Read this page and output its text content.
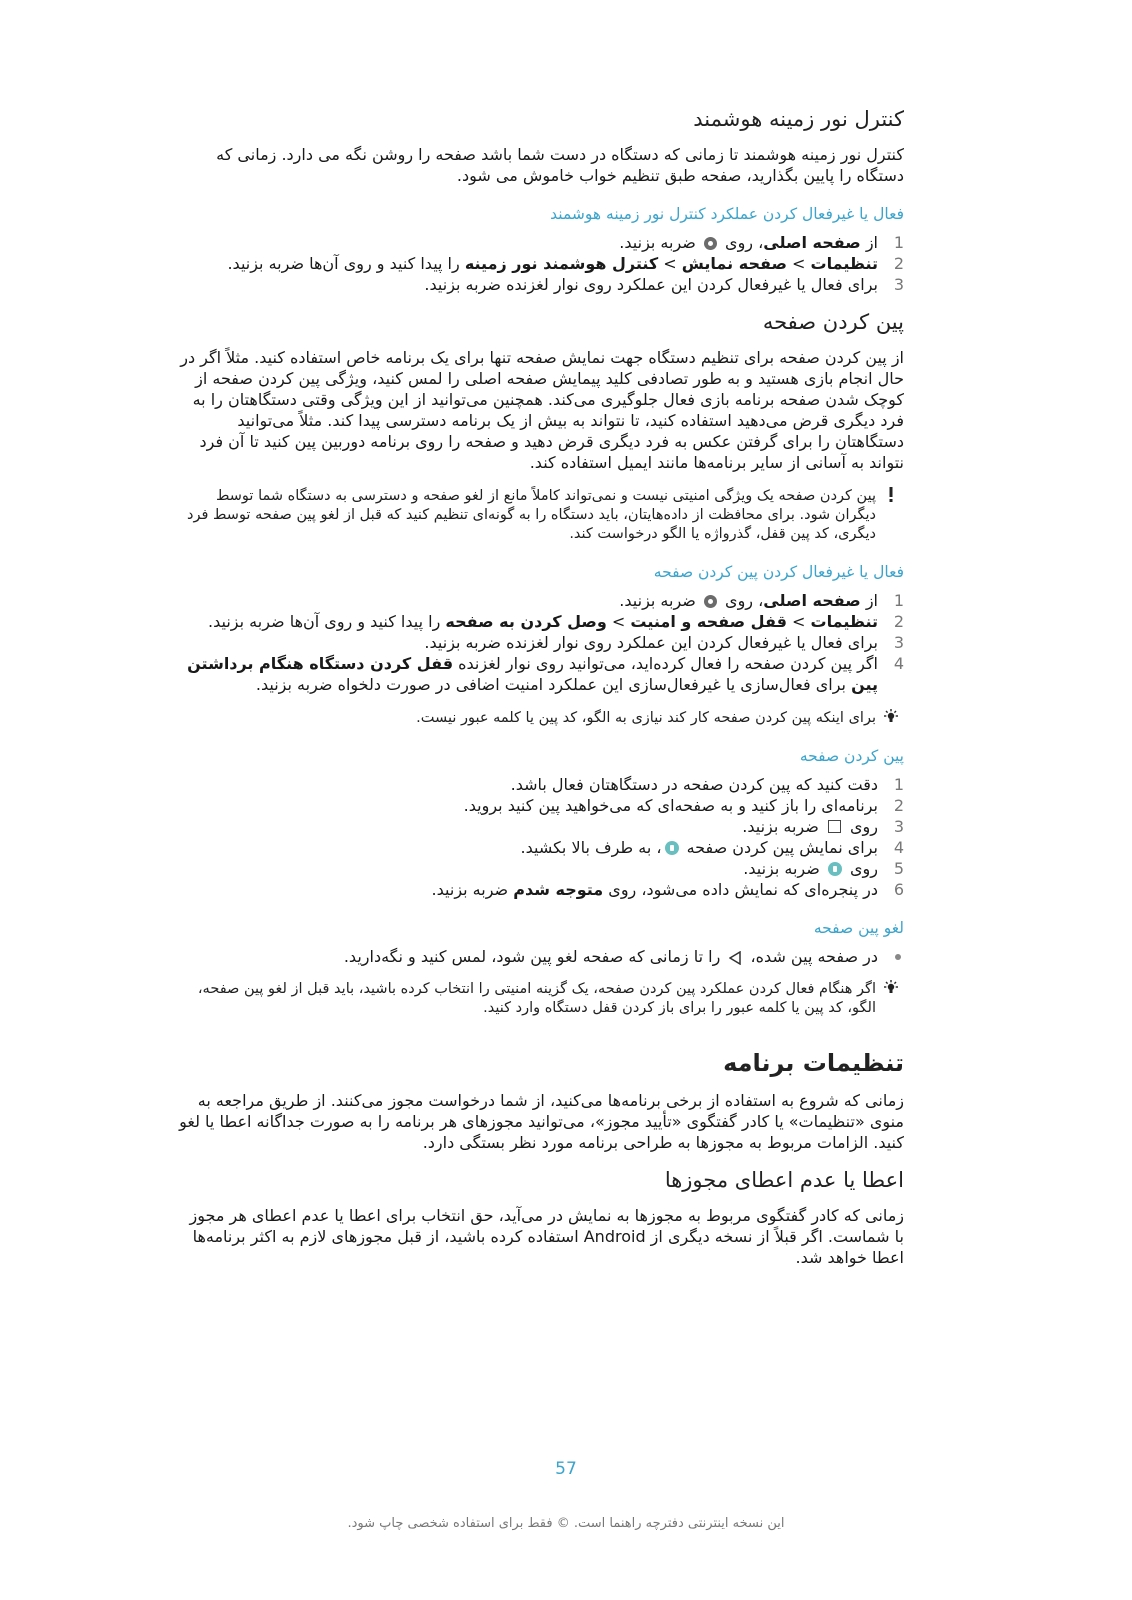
کنترل نور زمینه هوشمند
کنترل نور زمینه هوشمند تا زمانی که دستگاه در دست شما باشد صفحه را روشن نگه می دارد. زمانی که دستگاه را پایین بگذارید، صفحه طبق تنظیم خواب خاموش می شود.
فعال یا غیرفعال کردن عملکرد کنترل نور زمینه هوشمند
1
از صفحه اصلی، روی  ضربه بزنید.
2
تنظیمات > صفحه نمایش > کنترل هوشمند نور زمینه را پیدا کنید و روی آن‌ها ضربه بزنید.
3
برای فعال یا غیرفعال کردن این عملکرد روی نوار لغزنده ضربه بزنید.
پین کردن صفحه
از پین کردن صفحه برای تنظیم دستگاه جهت نمایش صفحه تنها برای یک برنامه خاص استفاده کنید. مثلاً اگر در حال انجام بازی هستید و به طور تصادفی کلید پیمایش صفحه اصلی را لمس کنید، ویژگی پین کردن صفحه از کوچک شدن صفحه برنامه بازی فعال جلوگیری می‌کند. همچنین می‌توانید از این ویژگی وقتی دستگاهتان را به فرد دیگری قرض می‌دهید استفاده کنید، تا نتواند به بیش از یک برنامه دسترسی پیدا کند. مثلاً می‌توانید دستگاهتان را برای گرفتن عکس به فرد دیگری قرض دهید و صفحه را روی برنامه دوربین پین کنید تا آن فرد نتواند به آسانی از سایر برنامه‌ها مانند ایمیل استفاده کند.
پین کردن صفحه یک ویژگی امنیتی نیست و نمی‌تواند کاملاً مانع از لغو صفحه و دسترسی به دستگاه شما توسط دیگران شود. برای محافظت از داده‌هایتان، باید دستگاه را به گونه‌ای تنظیم کنید که قبل از لغو پین صفحه توسط فرد دیگری، کد پین قفل، گذرواژه یا الگو درخواست کند.
فعال یا غیرفعال کردن پین کردن صفحه
1
از صفحه اصلی، روی  ضربه بزنید.
2
تنظیمات > قفل صفحه و امنیت > وصل کردن به صفحه را پیدا کنید و روی آن‌ها ضربه بزنید.
3
برای فعال یا غیرفعال کردن این عملکرد روی نوار لغزنده ضربه بزنید.
4
اگر پین کردن صفحه را فعال کرده‌اید، می‌توانید روی نوار لغزنده قفل کردن دستگاه هنگام برداشتن پین برای فعال‌سازی یا غیرفعال‌سازی این عملکرد امنیت اضافی در صورت دلخواه ضربه بزنید.
برای اینکه پین کردن صفحه کار کند نیازی به الگو، کد پین یا کلمه عبور نیست.
پین کردن صفحه
1
دقت کنید که پین کردن صفحه در دستگاهتان فعال باشد.
2
برنامه‌ای را باز کنید و به صفحه‌ای که می‌خواهید پین کنید بروید.
3
روی  ضربه بزنید.
4
برای نمایش پین کردن صفحه ، به طرف بالا بکشید.
5
روی  ضربه بزنید.
6
در پنجره‌ای که نمایش داده می‌شود، روی متوجه شدم ضربه بزنید.
لغو پین صفحه
در صفحه پین شده،  را تا زمانی که صفحه لغو پین شود، لمس کنید و نگه‌دارید.
اگر هنگام فعال کردن عملکرد پین کردن صفحه، یک گزینه امنیتی را انتخاب کرده باشید، باید قبل از لغو پین صفحه، الگو، کد پین یا کلمه عبور را برای باز کردن قفل دستگاه وارد کنید.
تنظیمات برنامه
زمانی که شروع به استفاده از برخی برنامه‌ها می‌کنید، از شما درخواست مجوز می‌کنند. از طریق مراجعه به منوی «تنظیمات» یا کادر گفتگوی «تأیید مجوز»، می‌توانید مجوزهای هر برنامه را به صورت جداگانه اعطا یا لغو کنید. الزامات مربوط به مجوزها به طراحی برنامه مورد نظر بستگی دارد.
اعطا یا عدم اعطای مجوزها
زمانی که کادر گفتگوی مربوط به مجوزها به نمایش در می‌آید، حق انتخاب برای اعطا یا عدم اعطای هر مجوز با شماست. اگر قبلاً از نسخه دیگری از Android استفاده کرده باشید، از قبل مجوزهای لازم به اکثر برنامه‌ها اعطا خواهد شد.
57
این نسخه اینترنتی دفترچه راهنما است. © فقط برای استفاده شخصی چاپ شود.
